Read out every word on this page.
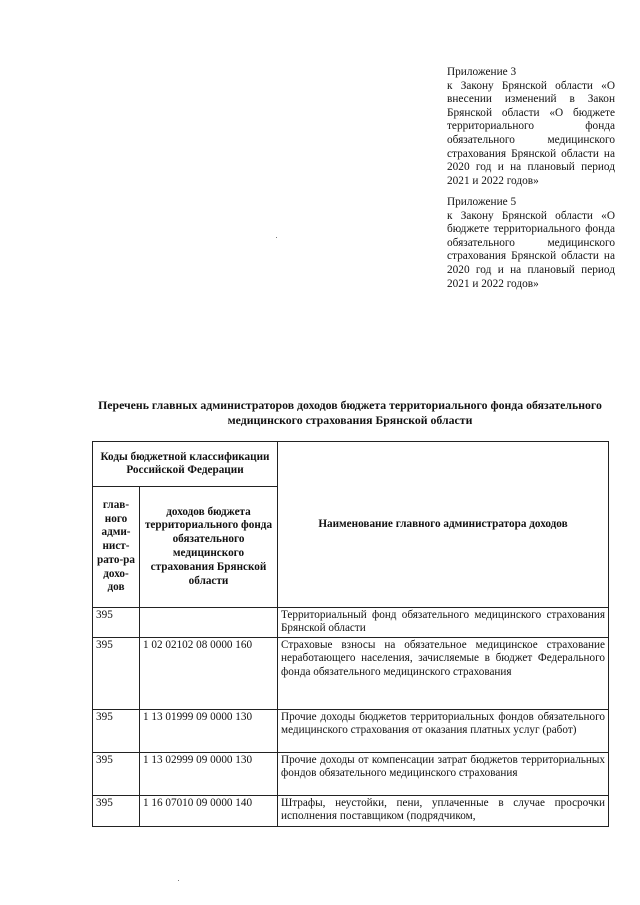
Приложение 3
к Закону Брянской области «О внесении изменений в Закон Брянской области «О бюджете территориального фонда обязательного медицинского страхования Брянской области на 2020 год и на плановый период 2021 и 2022 годов»
Приложение 5
к Закону Брянской области «О бюджете территориального фонда обязательного медицинского страхования Брянской области на 2020 год и на плановый период 2021 и 2022 годов»
Перечень главных администраторов доходов бюджета территориального фонда обязательного медицинского страхования Брянской области
Коды бюджетной классификации Российской Федерации		Наименование главного администратора доходов
глав-ного адми-нист-рато-ра дохо-дов	доходов бюджета территориального фонда обязательного медицинского страхования Брянской области	
395		Территориальный фонд обязательного медицинского страхования Брянской области
395	1 02 02102 08 0000 160	Страховые взносы на обязательное медицинское страхование неработающего населения, зачисляемые в бюджет Федерального фонда обязательного медицинского страхования
395	1 13 01999 09 0000 130	Прочие доходы бюджетов территориальных фондов обязательного медицинского страхования от оказания платных услуг (работ)
395	1 13 02999 09 0000 130	Прочие доходы от компенсации затрат бюджетов территориальных фондов обязательного медицинского страхования
395	1 16 07010 09 0000 140	Штрафы, неустойки, пени, уплаченные в случае просрочки исполнения поставщиком (подрядчиком,
